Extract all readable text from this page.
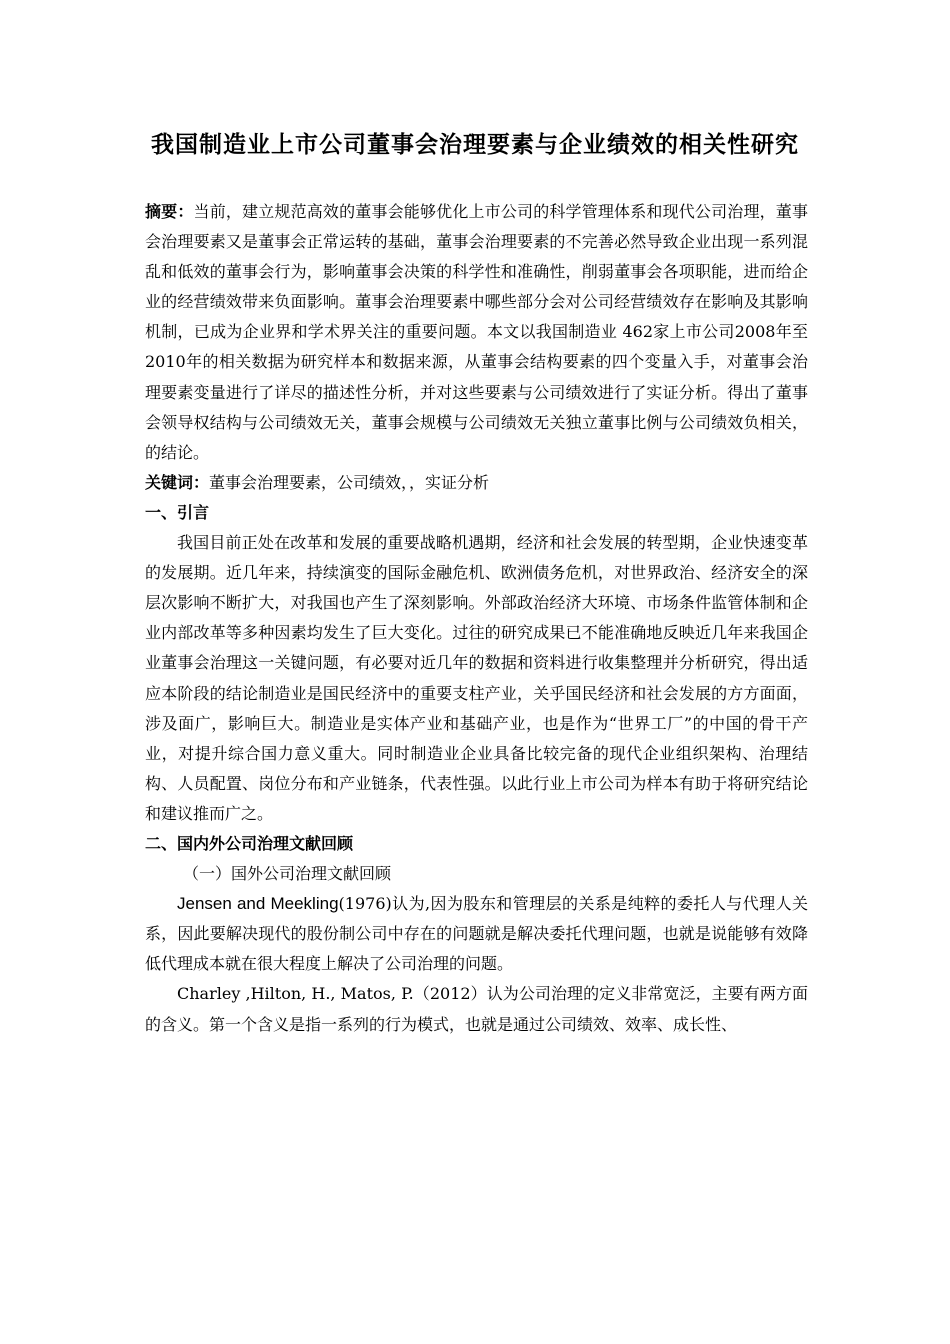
我国制造业上市公司董事会治理要素与企业绩效的相关性研究

摘要：当前，建立规范高效的董事会能够优化上市公司的科学管理体系和现代公司治理，董事会治理要素又是董事会正常运转的基础，董事会治理要素的不完善必然导致企业出现一系列混乱和低效的董事会行为，影响董事会决策的科学性和准确性，削弱董事会各项职能，进而给企业的经营绩效带来负面影响。董事会治理要素中哪些部分会对公司经营绩效存在影响及其影响机制，已成为企业界和学术界关注的重要问题。本文以我国制造业 462家上市公司2008年至2010年的相关数据为研究样本和数据来源，从董事会结构要素的四个变量入手，对董事会治理要素变量进行了详尽的描述性分析，并对这些要素与公司绩效进行了实证分析。得出了董事会领导权结构与公司绩效无关，董事会规模与公司绩效无关独立董事比例与公司绩效负相关，的结论。

关键词：董事会治理要素，公司绩效，，实证分析

一、引言

我国目前正处在改革和发展的重要战略机遇期，经济和社会发展的转型期，企业快速变革的发展期。近几年来，持续演变的国际金融危机、欧洲债务危机，对世界政治、经济安全的深层次影响不断扩大，对我国也产生了深刻影响。外部政治经济大环境、市场条件监管体制和企业内部改革等多种因素均发生了巨大变化。过往的研究成果已不能准确地反映近几年来我国企业董事会治理这一关键问题，有必要对近几年的数据和资料进行收集整理并分析研究，得出适应本阶段的结论制造业是国民经济中的重要支柱产业，关乎国民经济和社会发展的方方面面，涉及面广，影响巨大。制造业是实体产业和基础产业，也是作为“世界工厂”的中国的骨干产业，对提升综合国力意义重大。同时制造业企业具备比较完备的现代企业组织架构、治理结构、人员配置、岗位分布和产业链条，代表性强。以此行业上市公司为样本有助于将研究结论和建议推而广之。

二、国内外公司治理文献回顾

（一）国外公司治理文献回顾

Jensen and Meekling(1976)认为,因为股东和管理层的关系是纯粹的委托人与代理人关系，因此要解决现代的股份制公司中存在的问题就是解决委托代理问题，也就是说能够有效降低代理成本就在很大程度上解决了公司治理的问题。

Charley ,Hilton, H., Matos, P.（2012）认为公司治理的定义非常宽泛，主要有两方面的含义。第一个含义是指一系列的行为模式，也就是通过公司绩效、效率、成长性、
